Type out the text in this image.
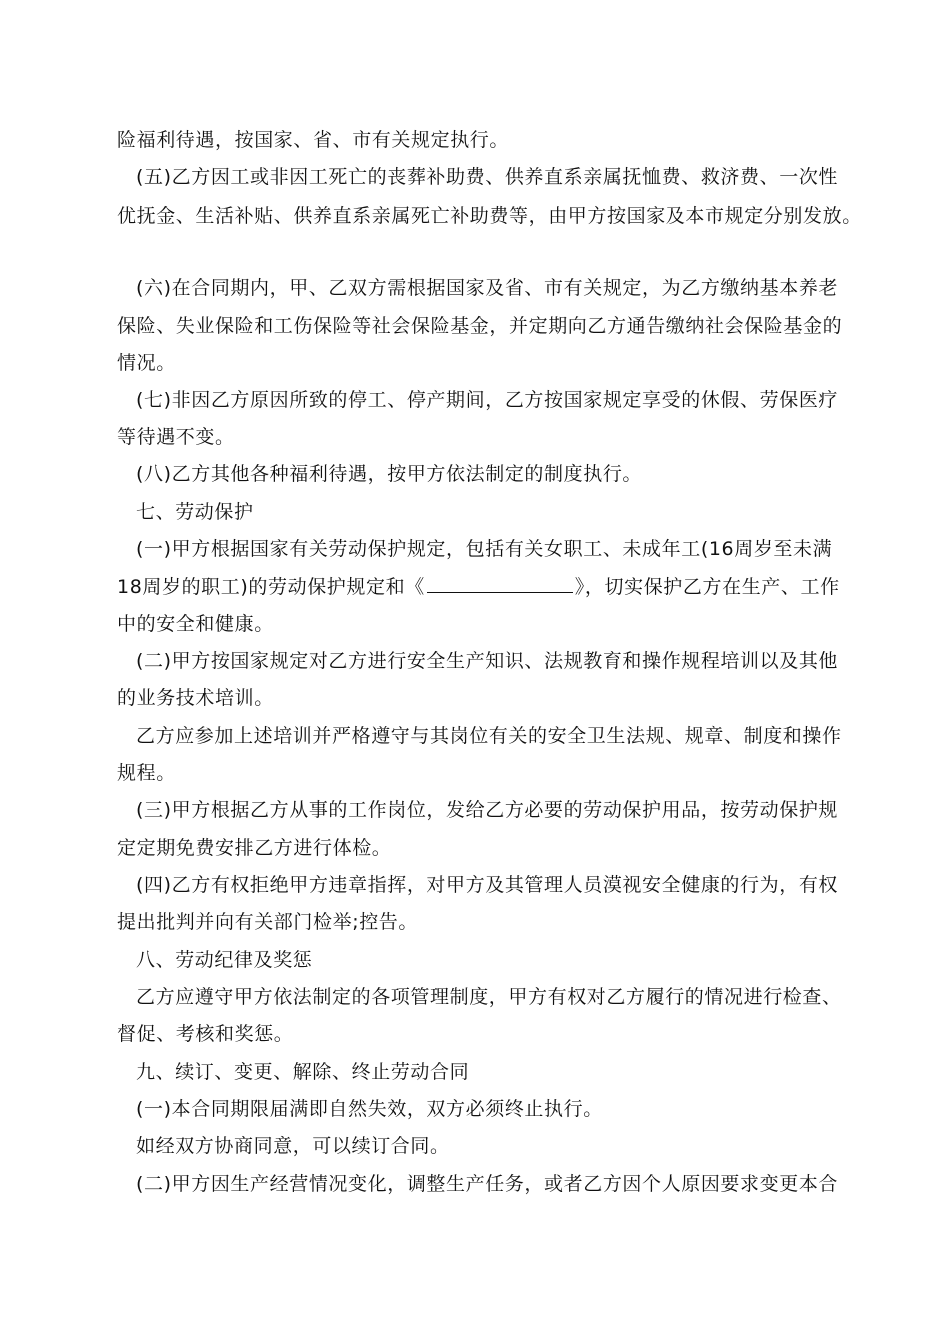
险福利待遇，按国家、省、市有关规定执行。
(五)乙方因工或非因工死亡的丧葬补助费、供养直系亲属抚恤费、救济费、一次性
优抚金、生活补贴、供养直系亲属死亡补助费等，由甲方按国家及本市规定分别发放。
(六)在合同期内，甲、乙双方需根据国家及省、市有关规定，为乙方缴纳基本养老
保险、失业保险和工伤保险等社会保险基金，并定期向乙方通告缴纳社会保险基金的
情况。
(七)非因乙方原因所致的停工、停产期间，乙方按国家规定享受的休假、劳保医疗
等待遇不变。
(八)乙方其他各种福利待遇，按甲方依法制定的制度执行。
七、劳动保护
(一)甲方根据国家有关劳动保护规定，包括有关女职工、未成年工(16周岁至未满
18周岁的职工)的劳动保护规定和《	》，切实保护乙方在生产、工作
中的安全和健康。
(二)甲方按国家规定对乙方进行安全生产知识、法规教育和操作规程培训以及其他
的业务技术培训。
乙方应参加上述培训并严格遵守与其岗位有关的安全卫生法规、规章、制度和操作
规程。
(三)甲方根据乙方从事的工作岗位，发给乙方必要的劳动保护用品，按劳动保护规
定定期免费安排乙方进行体检。
(四)乙方有权拒绝甲方违章指挥，对甲方及其管理人员漠视安全健康的行为，有权
提出批判并向有关部门检举;控告。
八、劳动纪律及奖惩
乙方应遵守甲方依法制定的各项管理制度，甲方有权对乙方履行的情况进行检查、
督促、考核和奖惩。
九、续订、变更、解除、终止劳动合同
(一)本合同期限届满即自然失效，双方必须终止执行。
如经双方协商同意，可以续订合同。
(二)甲方因生产经营情况变化，调整生产任务，或者乙方因个人原因要求变更本合
